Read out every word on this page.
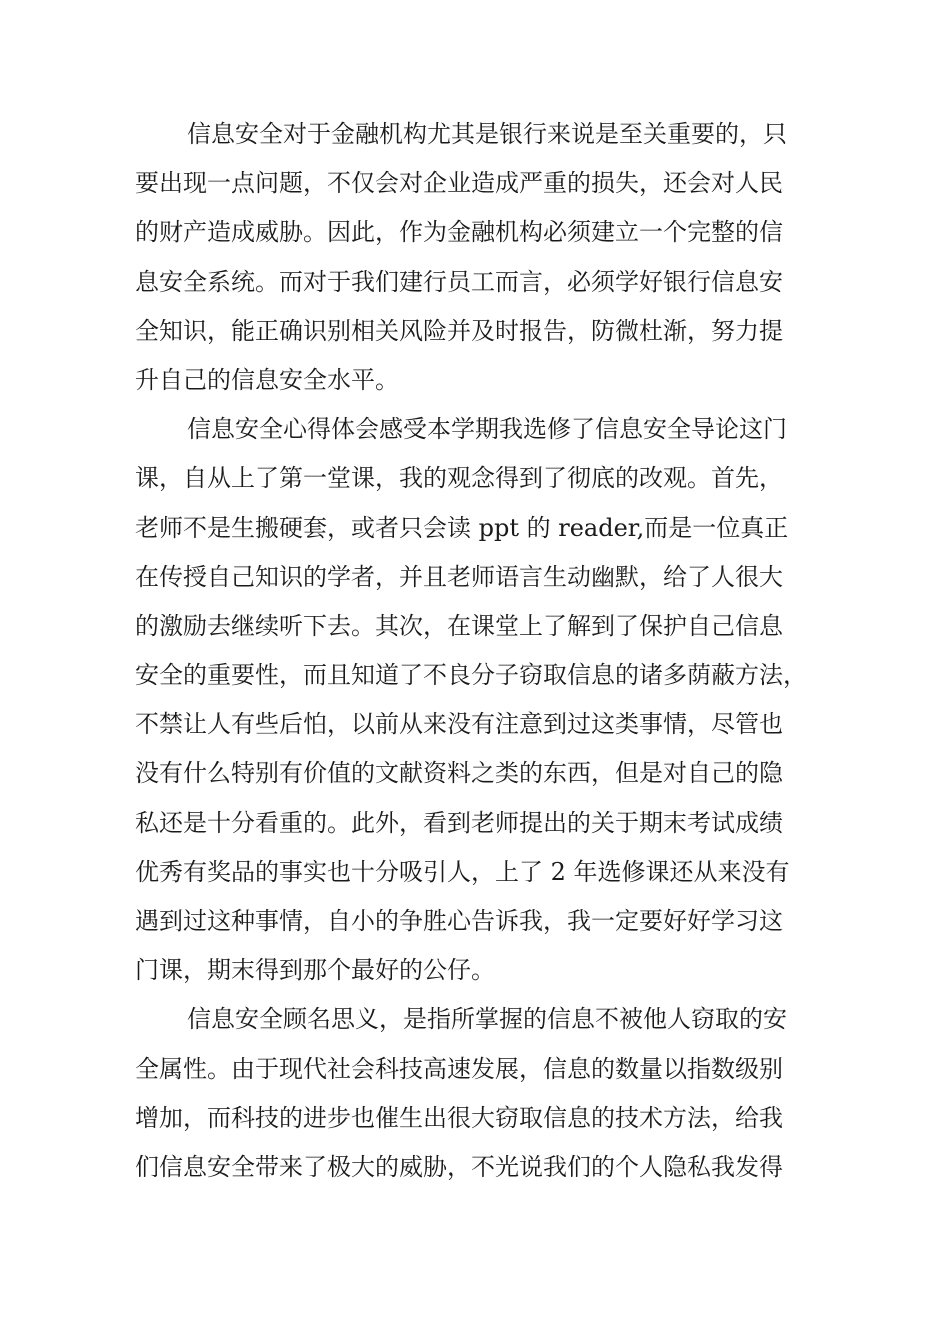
信息安全对于金融机构尤其是银行来说是至关重要的，只
要出现一点问题，不仅会对企业造成严重的损失，还会对人民
的财产造成威胁。因此，作为金融机构必须建立一个完整的信
息安全系统。而对于我们建行员工而言，必须学好银行信息安
全知识，能正确识别相关风险并及时报告，防微杜渐，努力提
升自己的信息安全水平。
信息安全心得体会感受本学期我选修了信息安全导论这门
课，自从上了第一堂课，我的观念得到了彻底的改观。首先，
老师不是生搬硬套，或者只会读 ppt 的 reader,而是一位真正
在传授自己知识的学者，并且老师语言生动幽默，给了人很大
的激励去继续听下去。其次，在课堂上了解到了保护自己信息
安全的重要性，而且知道了不良分子窃取信息的诸多荫蔽方法，
不禁让人有些后怕，以前从来没有注意到过这类事情，尽管也
没有什么特别有价值的文献资料之类的东西，但是对自己的隐
私还是十分看重的。此外，看到老师提出的关于期末考试成绩
优秀有奖品的事实也十分吸引人，上了 2 年选修课还从来没有
遇到过这种事情，自小的争胜心告诉我，我一定要好好学习这
门课，期末得到那个最好的公仔。
信息安全顾名思义，是指所掌握的信息不被他人窃取的安
全属性。由于现代社会科技高速发展，信息的数量以指数级别
增加，而科技的进步也催生出很大窃取信息的技术方法，给我
们信息安全带来了极大的威胁，不光说我们的个人隐私我发得
